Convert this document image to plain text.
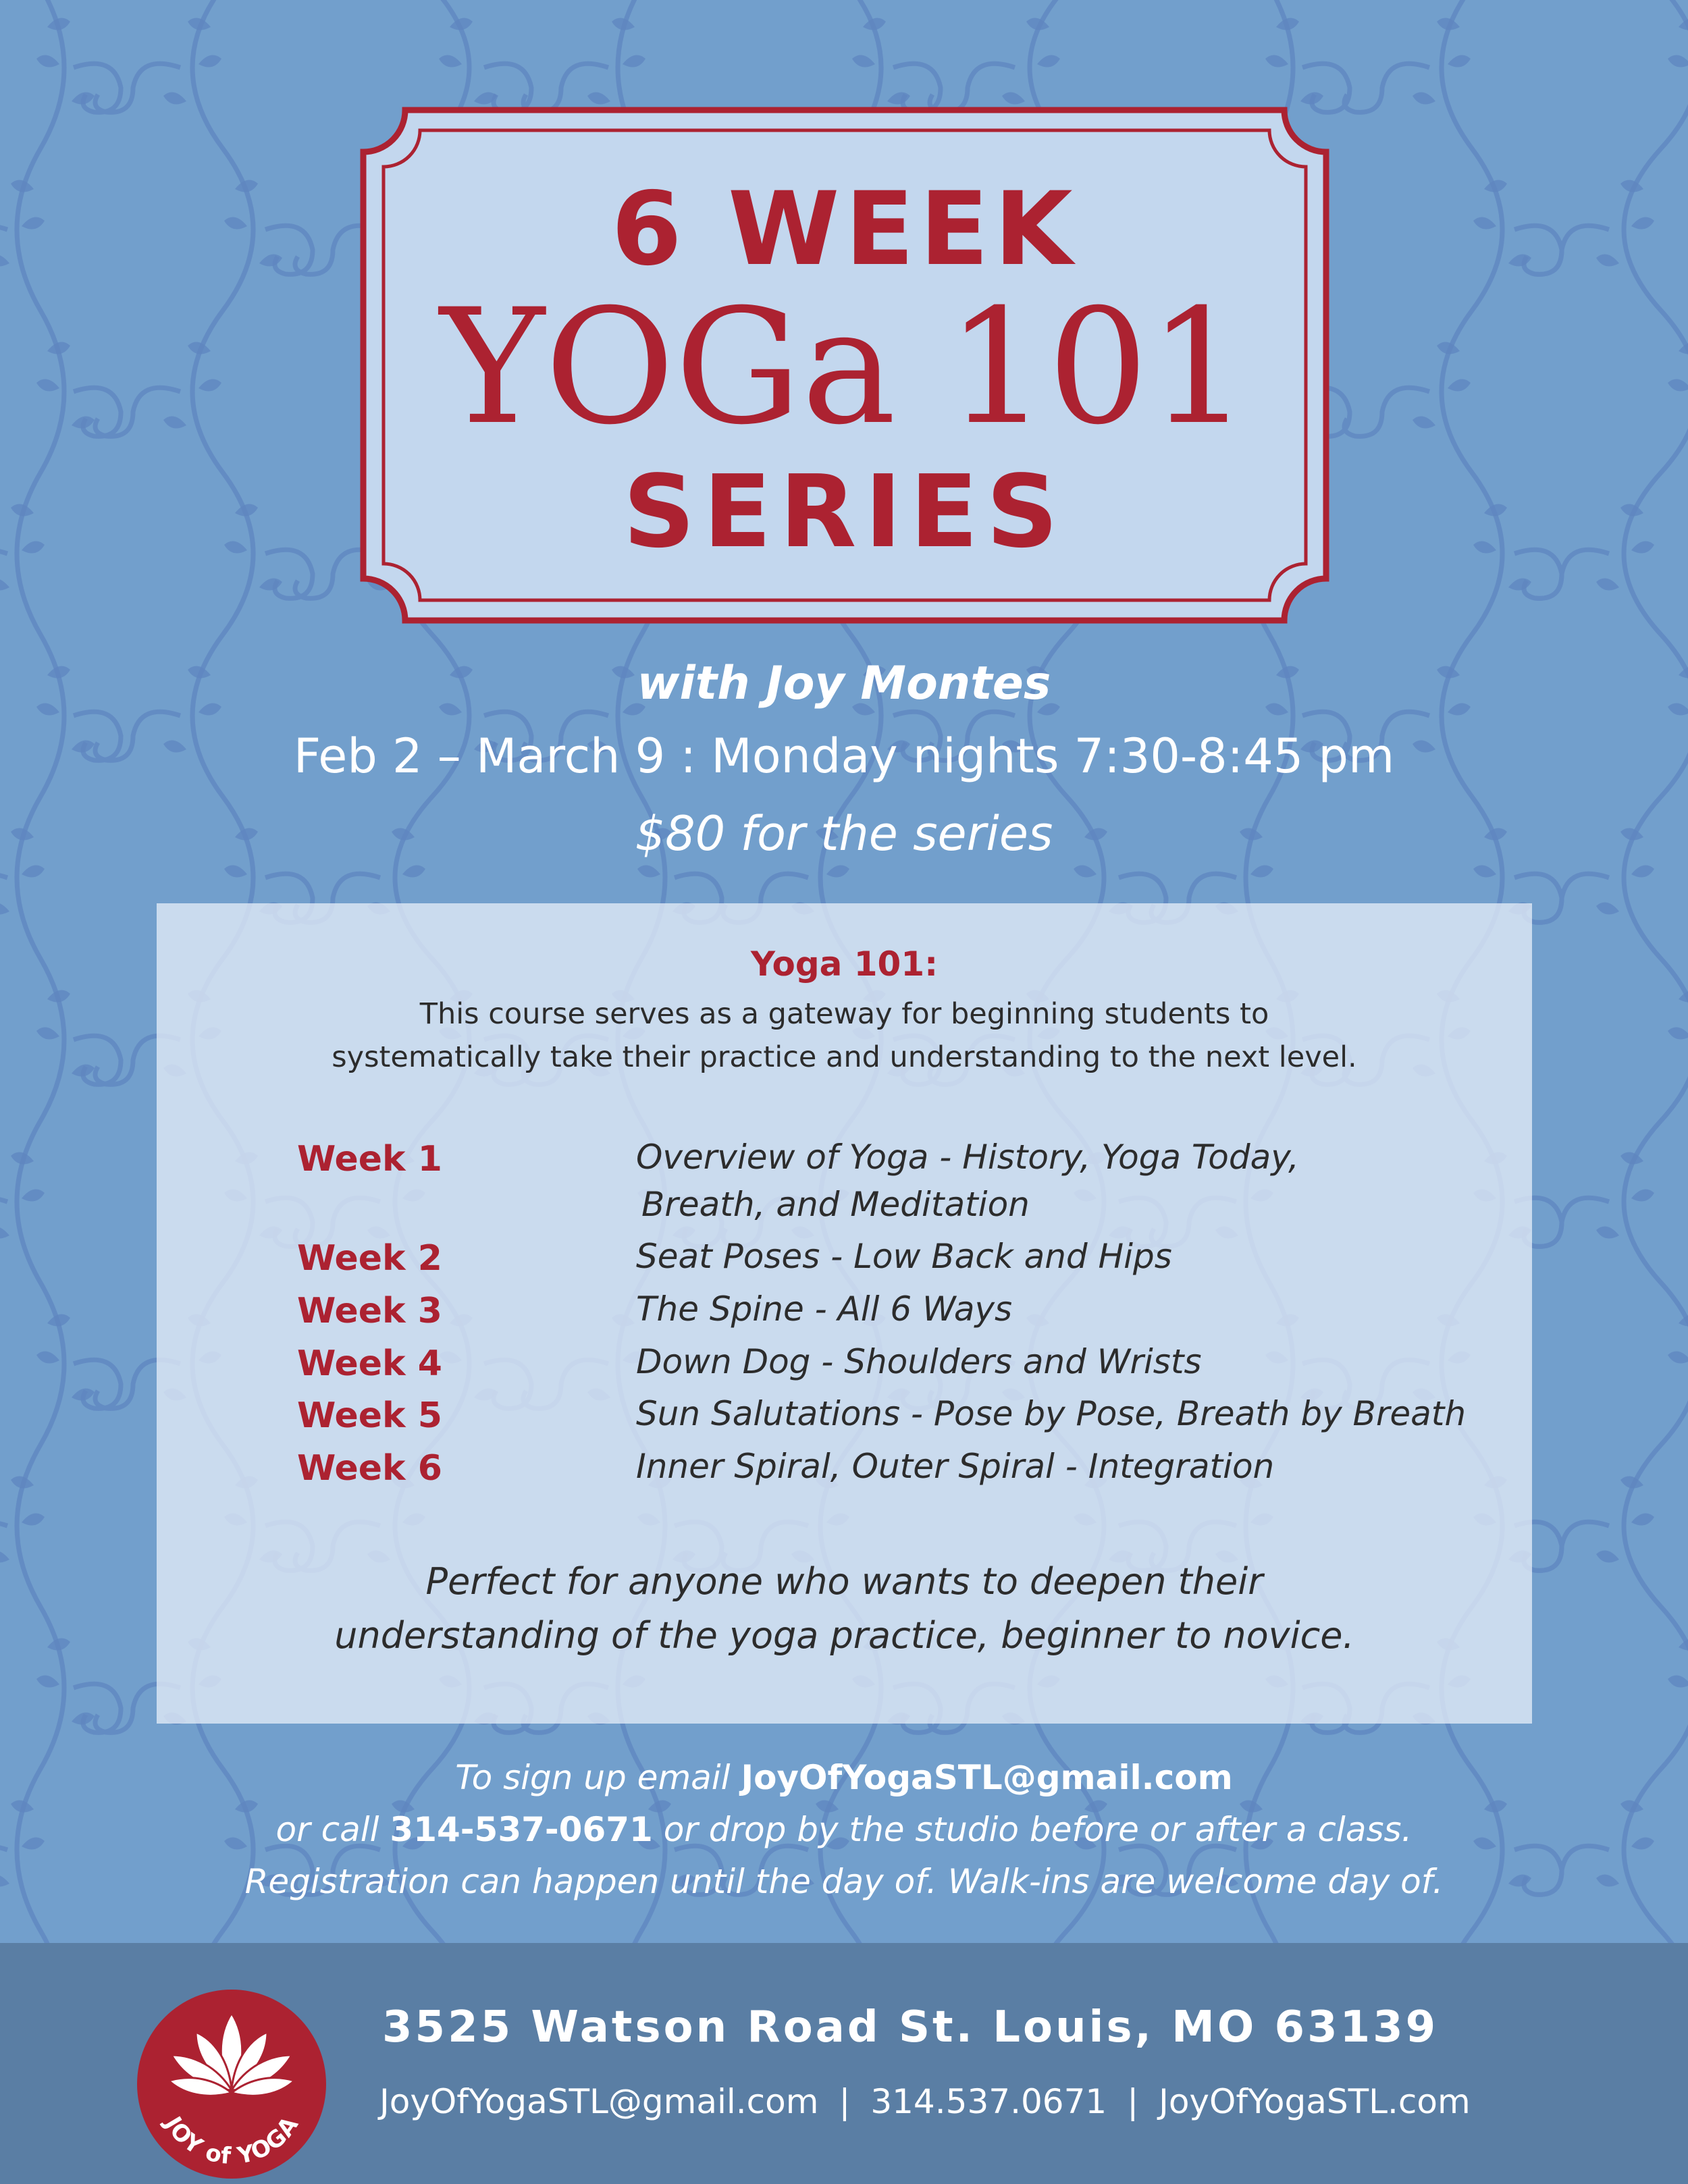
6 WEEK
YOGa 101
SERIES
with Joy Montes
Feb 2 – March 9 : Monday nights 7:30-8:45 pm
$80 for the series
Yoga 101:
This course serves as a gateway for beginning students to
systematically take their practice and understanding to the next level.
Week 1	Overview of Yoga - History, Yoga Today,
Breath, and Meditation
Week 2	Seat Poses - Low Back and Hips
Week 3	The Spine - All 6 Ways
Week 4	Down Dog - Shoulders and Wrists
Week 5	Sun Salutations - Pose by Pose, Breath by Breath
Week 6	Inner Spiral, Outer Spiral - Integration
Perfect for anyone who wants to deepen their
understanding of the yoga practice, beginner to novice.
To sign up email JoyOfYogaSTL@gmail.com
or call 314-537-0671 or drop by the studio before or after a class.
Registration can happen until the day of. Walk-ins are welcome day of.
JOY of YOGA
3525 Watson Road St. Louis, MO 63139
JoyOfYogaSTL@gmail.com | 314.537.0671 | JoyOfYogaSTL.com
